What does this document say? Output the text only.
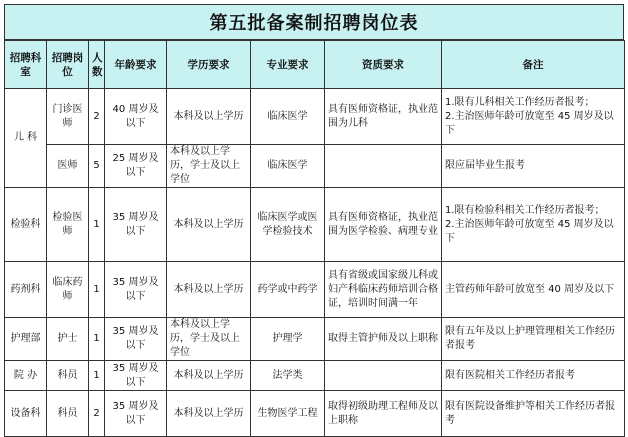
第五批备案制招聘岗位表
招聘科室	招聘岗位	人数	年龄要求	学历要求	专业要求	资质要求	备注
儿 科	门诊医师	2	40 周岁及以下	本科及以上学历	临床医学	具有医师资格证，执业范围为儿科	1.限有儿科相关工作经历者报考；
2.主治医师年龄可放宽至 45 周岁及以下
	医师	5	25 周岁及以下	本科及以上学历，学士及以上学位	临床医学		限应届毕业生报考
检验科	检验医师	1	35 周岁及以下	本科及以上学历	临床医学或医学检验技术	具有医师资格证，执业范围为医学检验、病理专业	1.限有检验科相关工作经历者报考；
2.主治医师年龄可放宽至 45 周岁及以下
药剂科	临床药师	1	35 周岁及以下	本科及以上学历	药学或中药学	具有省级或国家级儿科或妇产科临床药师培训合格证，培训时间满一年	主管药师年龄可放宽至 40 周岁及以下
护理部	护士	1	35 周岁及以下	本科及以上学历，学士及以上学位	护理学	取得主管护师及以上职称	限有五年及以上护理管理相关工作经历者报考
院 办	科员	1	35 周岁及以下	本科及以上学历	法学类		限有医院相关工作经历者报考
设备科	科员	2	35 周岁及以下	本科及以上学历	生物医学工程	取得初级助理工程师及以上职称	限有医院设备维护等相关工作经历者报考
